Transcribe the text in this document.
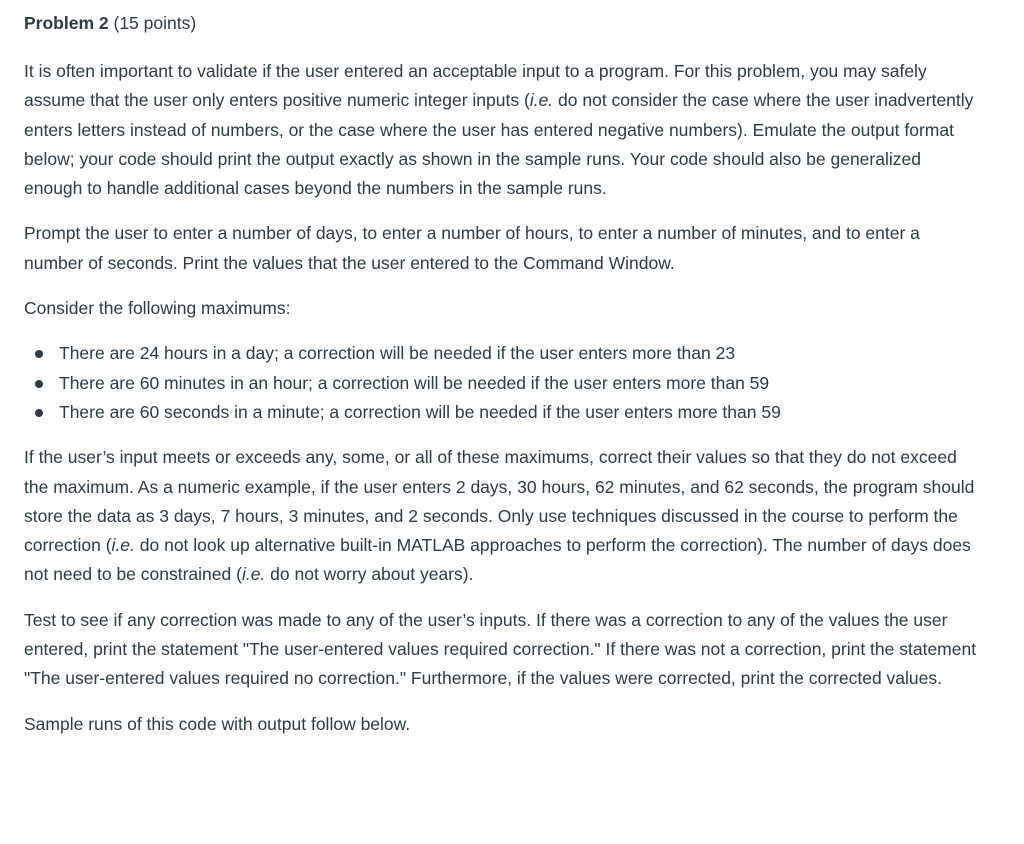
Problem 2 (15 points)

It is often important to validate if the user entered an acceptable input to a program. For this problem, you may safely assume that the user only enters positive numeric integer inputs (i.e. do not consider the case where the user inadvertently enters letters instead of numbers, or the case where the user has entered negative numbers). Emulate the output format below; your code should print the output exactly as shown in the sample runs. Your code should also be generalized enough to handle additional cases beyond the numbers in the sample runs.

Prompt the user to enter a number of days, to enter a number of hours, to enter a number of minutes, and to enter a number of seconds. Print the values that the user entered to the Command Window.

Consider the following maximums:

There are 24 hours in a day; a correction will be needed if the user enters more than 23
There are 60 minutes in an hour; a correction will be needed if the user enters more than 59
There are 60 seconds in a minute; a correction will be needed if the user enters more than 59

If the user’s input meets or exceeds any, some, or all of these maximums, correct their values so that they do not exceed the maximum. As a numeric example, if the user enters 2 days, 30 hours, 62 minutes, and 62 seconds, the program should store the data as 3 days, 7 hours, 3 minutes, and 2 seconds. Only use techniques discussed in the course to perform the correction (i.e. do not look up alternative built-in MATLAB approaches to perform the correction). The number of days does not need to be constrained (i.e. do not worry about years).

Test to see if any correction was made to any of the user’s inputs. If there was a correction to any of the values the user entered, print the statement "The user-entered values required correction." If there was not a correction, print the statement "The user-entered values required no correction." Furthermore, if the values were corrected, print the corrected values.

Sample runs of this code with output follow below.
